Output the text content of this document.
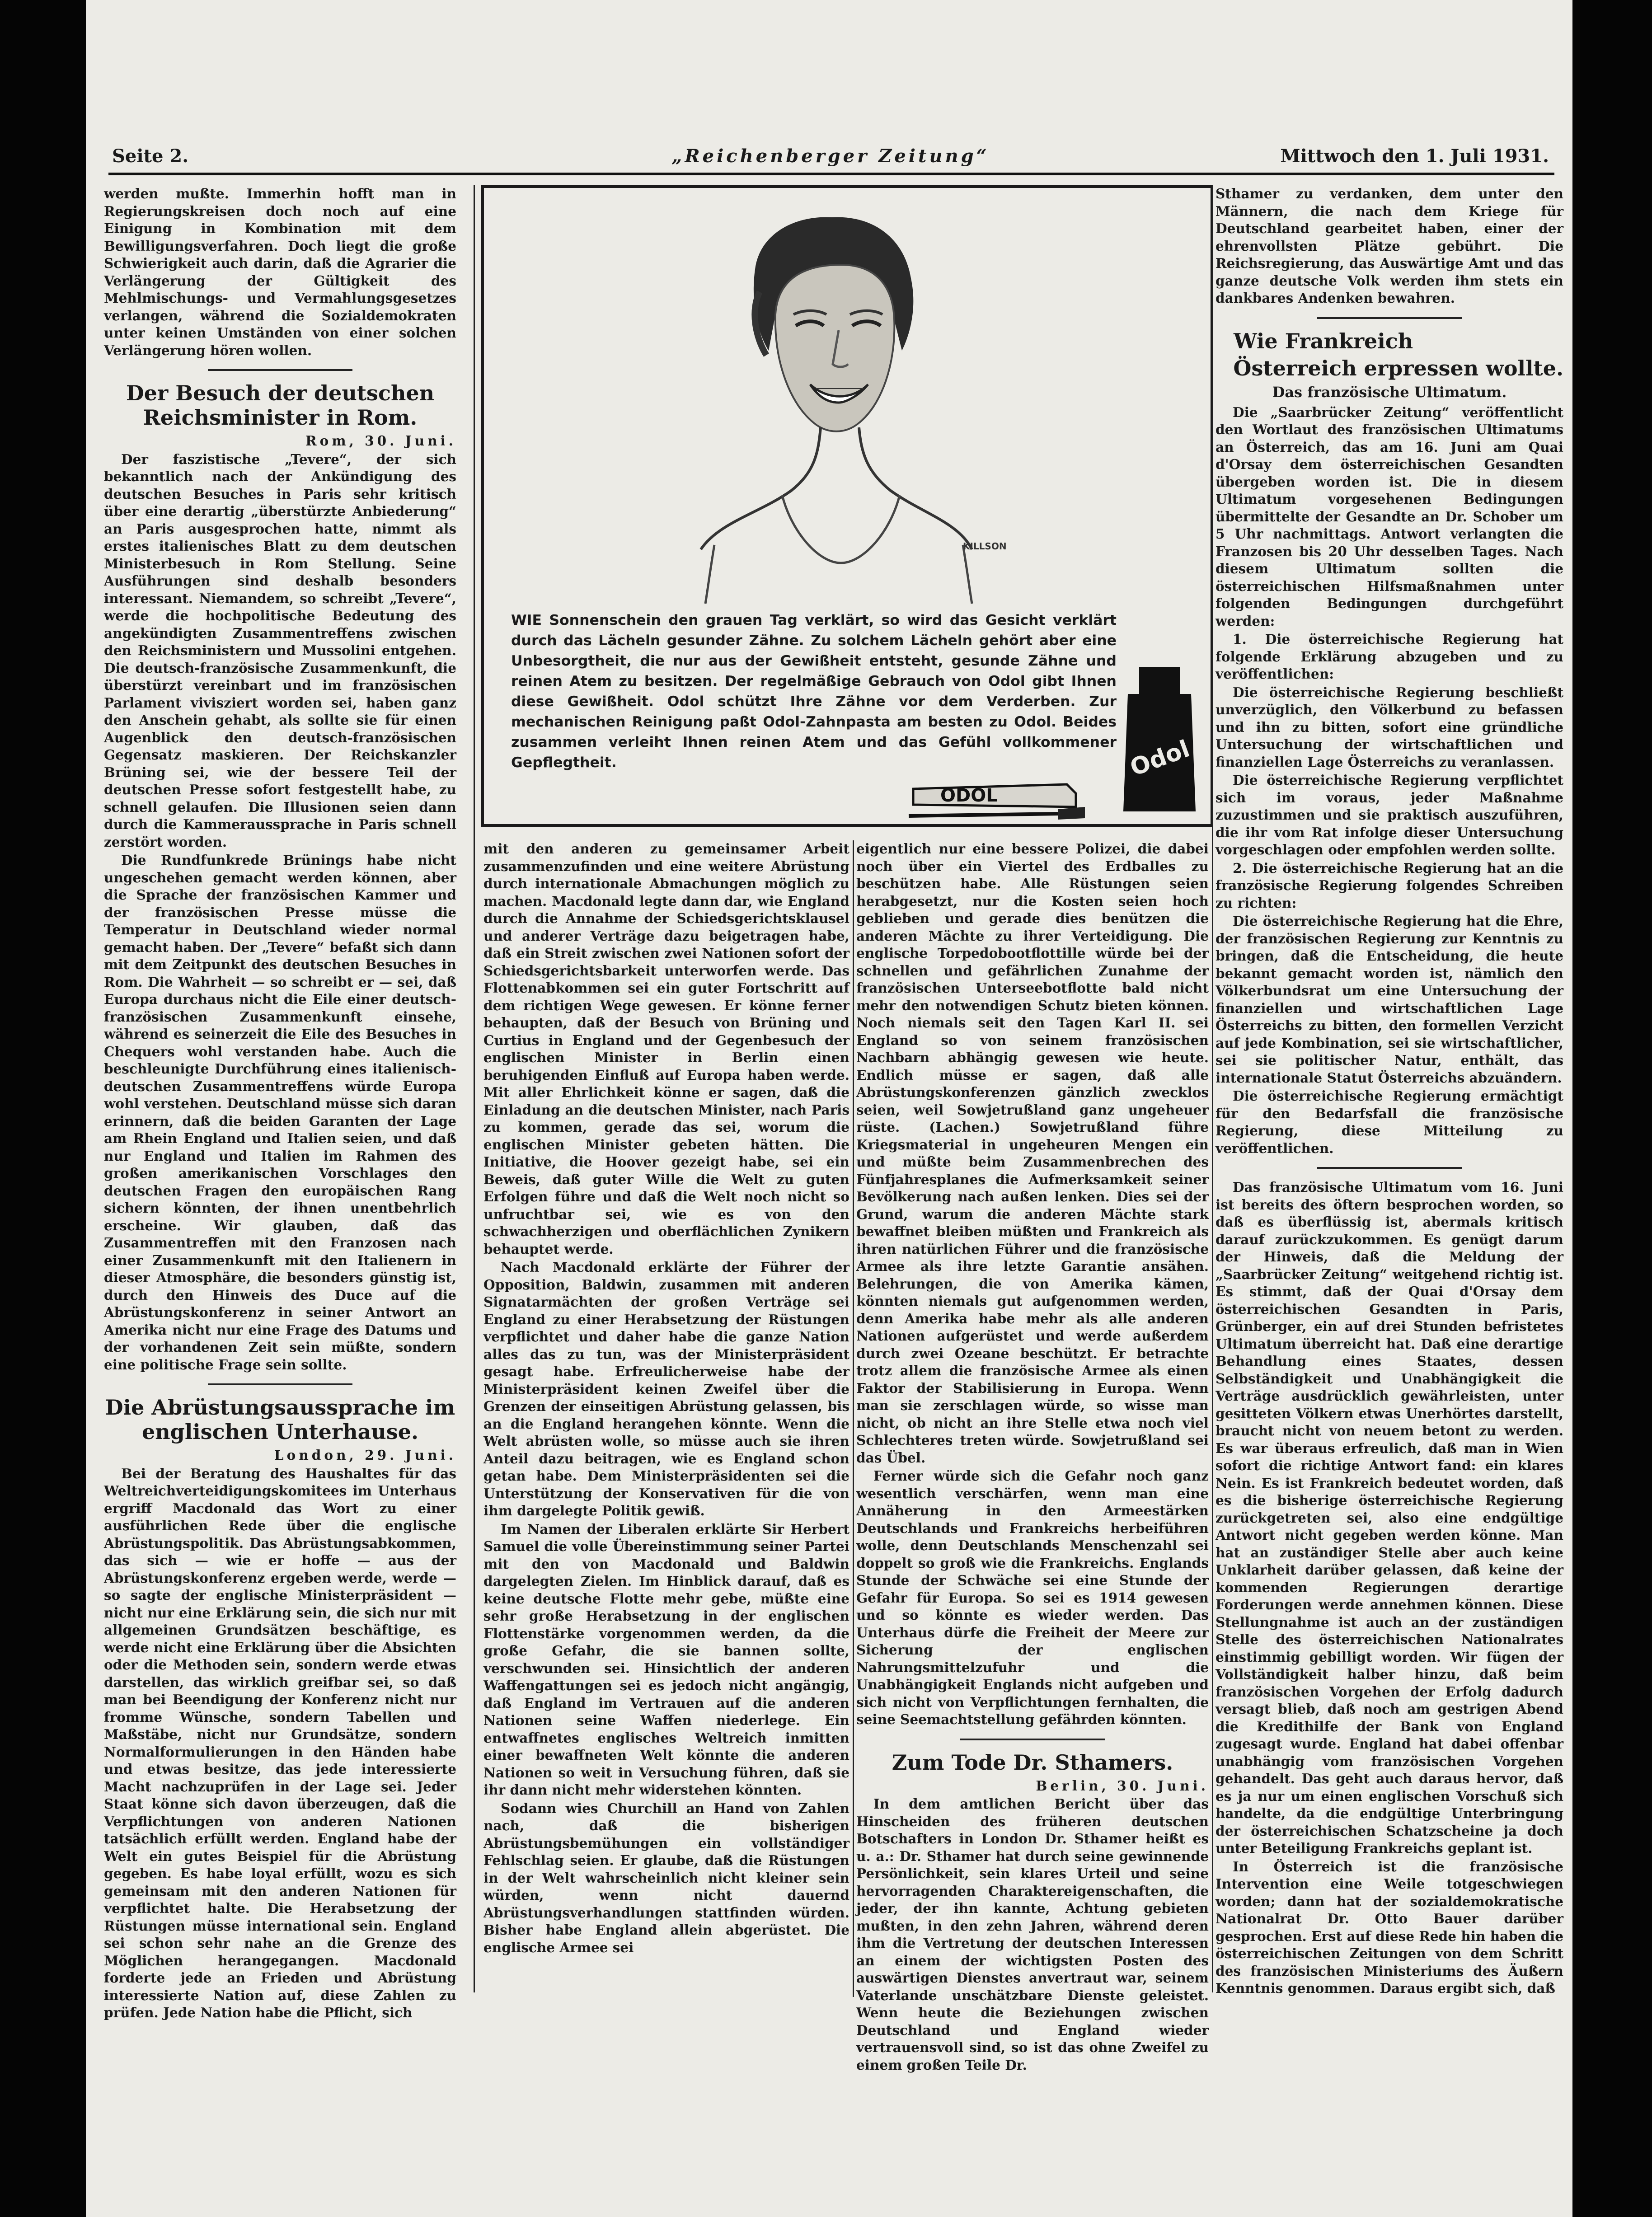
Seite 2.	„Reichenberger Zeitung“	Mittwoch den 1. Juli 1931.

werden mußte. Immerhin hofft man in Regierungskreisen doch noch auf eine Einigung in Kombination mit dem Bewilligungsverfahren. Doch liegt die große Schwierigkeit auch darin, daß die Agrarier die Verlängerung der Gültigkeit des Mehlmischungs- und Vermahlungsgesetzes verlangen, während die Sozialdemokraten unter keinen Umständen von einer solchen Verlängerung hören wollen.

Der Besuch der deutschen Reichsminister in Rom.
Rom, 30. Juni.

Der faszistische „Tevere“, der sich bekanntlich nach der Ankündigung des deutschen Besuches in Paris sehr kritisch über eine derartig „überstürzte Anbiederung“ an Paris ausgesprochen hatte, nimmt als erstes italienisches Blatt zu dem deutschen Ministerbesuch in Rom Stellung. Seine Ausführungen sind deshalb besonders interessant. Niemandem, so schreibt „Tevere“, werde die hochpolitische Bedeutung des angekündigten Zusammentreffens zwischen den Reichsministern und Mussolini entgehen. Die deutsch-französische Zusammenkunft, die überstürzt vereinbart und im französischen Parlament vivisziert worden sei, haben ganz den Anschein gehabt, als sollte sie für einen Augenblick den deutsch-französischen Gegensatz maskieren. Der Reichskanzler Brüning sei, wie der bessere Teil der deutschen Presse sofort festgestellt habe, zu schnell gelaufen. Die Illusionen seien dann durch die Kammeraussprache in Paris schnell zerstört worden.

Die Rundfunkrede Brünings habe nicht ungeschehen gemacht werden können, aber die Sprache der französischen Kammer und der französischen Presse müsse die Temperatur in Deutschland wieder normal gemacht haben. Der „Tevere“ befaßt sich dann mit dem Zeitpunkt des deutschen Besuches in Rom. Die Wahrheit — so schreibt er — sei, daß Europa durchaus nicht die Eile einer deutsch-französischen Zusammenkunft einsehe, während es seinerzeit die Eile des Besuches in Chequers wohl verstanden habe. Auch die beschleunigte Durchführung eines italienisch-deutschen Zusammentreffens würde Europa wohl verstehen. Deutschland müsse sich daran erinnern, daß die beiden Garanten der Lage am Rhein England und Italien seien, und daß nur England und Italien im Rahmen des großen amerikanischen Vorschlages den deutschen Fragen den europäischen Rang sichern könnten, der ihnen unentbehrlich erscheine. Wir glauben, daß das Zusammentreffen mit den Franzosen nach einer Zusammenkunft mit den Italienern in dieser Atmosphäre, die besonders günstig ist, durch den Hinweis des Duce auf die Abrüstungskonferenz in seiner Antwort an Amerika nicht nur eine Frage des Datums und der vorhandenen Zeit sein müßte, sondern eine politische Frage sein sollte.

Die Abrüstungsaussprache im englischen Unterhause.
London, 29. Juni.

Bei der Beratung des Haushaltes für das Weltreichverteidigungskomitees im Unterhaus ergriff Macdonald das Wort zu einer ausführlichen Rede über die englische Abrüstungspolitik. Das Abrüstungsabkommen, das sich — wie er hoffe — aus der Abrüstungskonferenz ergeben werde, werde — so sagte der englische Ministerpräsident — nicht nur eine Erklärung sein, die sich nur mit allgemeinen Grundsätzen beschäftige, es werde nicht eine Erklärung über die Absichten oder die Methoden sein, sondern werde etwas darstellen, das wirklich greifbar sei, so daß man bei Beendigung der Konferenz nicht nur fromme Wünsche, sondern Tabellen und Maßstäbe, nicht nur Grundsätze, sondern Normalformulierungen in den Händen habe und etwas besitze, das jede interessierte Macht nachzuprüfen in der Lage sei. Jeder Staat könne sich davon überzeugen, daß die Verpflichtungen von anderen Nationen tatsächlich erfüllt werden. England habe der Welt ein gutes Beispiel für die Abrüstung gegeben. Es habe loyal erfüllt, wozu es sich gemeinsam mit den anderen Nationen für verpflichtet halte. Die Herabsetzung der Rüstungen müsse international sein. England sei schon sehr nahe an die Grenze des Möglichen herangegangen. Macdonald forderte jede an Frieden und Abrüstung interessierte Nation auf, diese Zahlen zu prüfen. Jede Nation habe die Pflicht, sich

KILLSON

WIE Sonnenschein den grauen Tag verklärt, so wird das Gesicht verklärt durch das Lächeln gesunder Zähne. Zu solchem Lächeln gehört aber eine Unbesorgtheit, die nur aus der Gewißheit entsteht, gesunde Zähne und reinen Atem zu besitzen. Der regelmäßige Gebrauch von Odol gibt Ihnen diese Gewißheit. Odol schützt Ihre Zähne vor dem Verderben. Zur mechanischen Reinigung paßt Odol-Zahnpasta am besten zu Odol. Beides zusammen verleiht Ihnen reinen Atem und das Gefühl vollkommener Gepflegtheit.

ODOL
Odol

mit den anderen zu gemeinsamer Arbeit zusammenzufinden und eine weitere Abrüstung durch internationale Abmachungen möglich zu machen. Macdonald legte dann dar, wie England durch die Annahme der Schiedsgerichtsklausel und anderer Verträge dazu beigetragen habe, daß ein Streit zwischen zwei Nationen sofort der Schiedsgerichtsbarkeit unterworfen werde. Das Flottenabkommen sei ein guter Fortschritt auf dem richtigen Wege gewesen. Er könne ferner behaupten, daß der Besuch von Brüning und Curtius in England und der Gegenbesuch der englischen Minister in Berlin einen beruhigenden Einfluß auf Europa haben werde. Mit aller Ehrlichkeit könne er sagen, daß die Einladung an die deutschen Minister, nach Paris zu kommen, gerade das sei, worum die englischen Minister gebeten hätten. Die Initiative, die Hoover gezeigt habe, sei ein Beweis, daß guter Wille die Welt zu guten Erfolgen führe und daß die Welt noch nicht so unfruchtbar sei, wie es von den schwachherzigen und oberflächlichen Zynikern behauptet werde.

Nach Macdonald erklärte der Führer der Opposition, Baldwin, zusammen mit anderen Signatarmächten der großen Verträge sei England zu einer Herabsetzung der Rüstungen verpflichtet und daher habe die ganze Nation alles das zu tun, was der Ministerpräsident gesagt habe. Erfreulicherweise habe der Ministerpräsident keinen Zweifel über die Grenzen der einseitigen Abrüstung gelassen, bis an die England herangehen könnte. Wenn die Welt abrüsten wolle, so müsse auch sie ihren Anteil dazu beitragen, wie es England schon getan habe. Dem Ministerpräsidenten sei die Unterstützung der Konservativen für die von ihm dargelegte Politik gewiß.

Im Namen der Liberalen erklärte Sir Herbert Samuel die volle Übereinstimmung seiner Partei mit den von Macdonald und Baldwin dargelegten Zielen. Im Hinblick darauf, daß es keine deutsche Flotte mehr gebe, müßte eine sehr große Herabsetzung in der englischen Flottenstärke vorgenommen werden, da die große Gefahr, die sie bannen sollte, verschwunden sei. Hinsichtlich der anderen Waffengattungen sei es jedoch nicht angängig, daß England im Vertrauen auf die anderen Nationen seine Waffen niederlege. Ein entwaffnetes englisches Weltreich inmitten einer bewaffneten Welt könnte die anderen Nationen so weit in Versuchung führen, daß sie ihr dann nicht mehr widerstehen könnten.

Sodann wies Churchill an Hand von Zahlen nach, daß die bisherigen Abrüstungsbemühungen ein vollständiger Fehlschlag seien. Er glaube, daß die Rüstungen in der Welt wahrscheinlich nicht kleiner sein würden, wenn nicht dauernd Abrüstungsverhandlungen stattfinden würden. Bisher habe England allein abgerüstet. Die englische Armee sei

eigentlich nur eine bessere Polizei, die dabei noch über ein Viertel des Erdballes zu beschützen habe. Alle Rüstungen seien herabgesetzt, nur die Kosten seien hoch geblieben und gerade dies benützen die anderen Mächte zu ihrer Verteidigung. Die englische Torpedobootflottille würde bei der schnellen und gefährlichen Zunahme der französischen Unterseebotflotte bald nicht mehr den notwendigen Schutz bieten können. Noch niemals seit den Tagen Karl II. sei England so von seinem französischen Nachbarn abhängig gewesen wie heute. Endlich müsse er sagen, daß alle Abrüstungskonferenzen gänzlich zwecklos seien, weil Sowjetrußland ganz ungeheuer rüste. (Lachen.) Sowjetrußland führe Kriegsmaterial in ungeheuren Mengen ein und müßte beim Zusammenbrechen des Fünfjahresplanes die Aufmerksamkeit seiner Bevölkerung nach außen lenken. Dies sei der Grund, warum die anderen Mächte stark bewaffnet bleiben müßten und Frankreich als ihren natürlichen Führer und die französische Armee als ihre letzte Garantie ansähen. Belehrungen, die von Amerika kämen, könnten niemals gut aufgenommen werden, denn Amerika habe mehr als alle anderen Nationen aufgerüstet und werde außerdem durch zwei Ozeane beschützt. Er betrachte trotz allem die französische Armee als einen Faktor der Stabilisierung in Europa. Wenn man sie zerschlagen würde, so wisse man nicht, ob nicht an ihre Stelle etwa noch viel Schlechteres treten würde. Sowjetrußland sei das Übel.

Ferner würde sich die Gefahr noch ganz wesentlich verschärfen, wenn man eine Annäherung in den Armeestärken Deutschlands und Frankreichs herbeiführen wolle, denn Deutschlands Menschenzahl sei doppelt so groß wie die Frankreichs. Englands Stunde der Schwäche sei eine Stunde der Gefahr für Europa. So sei es 1914 gewesen und so könnte es wieder werden. Das Unterhaus dürfe die Freiheit der Meere zur Sicherung der englischen Nahrungsmittelzufuhr und die Unabhängigkeit Englands nicht aufgeben und sich nicht von Verpflichtungen fernhalten, die seine Seemachtstellung gefährden könnten.

Zum Tode Dr. Sthamers.
Berlin, 30. Juni.

In dem amtlichen Bericht über das Hinscheiden des früheren deutschen Botschafters in London Dr. Sthamer heißt es u. a.: Dr. Sthamer hat durch seine gewinnende Persönlichkeit, sein klares Urteil und seine hervorragenden Charaktereigenschaften, die jeder, der ihn kannte, Achtung gebieten mußten, in den zehn Jahren, während deren ihm die Vertretung der deutschen Interessen an einem der wichtigsten Posten des auswärtigen Dienstes anvertraut war, seinem Vaterlande unschätzbare Dienste geleistet. Wenn heute die Beziehungen zwischen Deutschland und England wieder vertrauensvoll sind, so ist das ohne Zweifel zu einem großen Teile Dr.

Sthamer zu verdanken, dem unter den Männern, die nach dem Kriege für Deutschland gearbeitet haben, einer der ehrenvollsten Plätze gebührt. Die Reichsregierung, das Auswärtige Amt und das ganze deutsche Volk werden ihm stets ein dankbares Andenken bewahren.

Wie Frankreich
Österreich erpressen wollte.
Das französische Ultimatum.

Die „Saarbrücker Zeitung“ veröffentlicht den Wortlaut des französischen Ultimatums an Österreich, das am 16. Juni am Quai d'Orsay dem österreichischen Gesandten übergeben worden ist. Die in diesem Ultimatum vorgesehenen Bedingungen übermittelte der Gesandte an Dr. Schober um 5 Uhr nachmittags. Antwort verlangten die Franzosen bis 20 Uhr desselben Tages. Nach diesem Ultimatum sollten die österreichischen Hilfsmaßnahmen unter folgenden Bedingungen durchgeführt werden:

1. Die österreichische Regierung hat folgende Erklärung abzugeben und zu veröffentlichen:

Die österreichische Regierung beschließt unverzüglich, den Völkerbund zu befassen und ihn zu bitten, sofort eine gründliche Untersuchung der wirtschaftlichen und finanziellen Lage Österreichs zu veranlassen.

Die österreichische Regierung verpflichtet sich im voraus, jeder Maßnahme zuzustimmen und sie praktisch auszuführen, die ihr vom Rat infolge dieser Untersuchung vorgeschlagen oder empfohlen werden sollte.

2. Die österreichische Regierung hat an die französische Regierung folgendes Schreiben zu richten:

Die österreichische Regierung hat die Ehre, der französischen Regierung zur Kenntnis zu bringen, daß die Entscheidung, die heute bekannt gemacht worden ist, nämlich den Völkerbundsrat um eine Untersuchung der finanziellen und wirtschaftlichen Lage Österreichs zu bitten, den formellen Verzicht auf jede Kombination, sei sie wirtschaftlicher, sei sie politischer Natur, enthält, das internationale Statut Österreichs abzuändern.

Die österreichische Regierung ermächtigt für den Bedarfsfall die französische Regierung, diese Mitteilung zu veröffentlichen.

Das französische Ultimatum vom 16. Juni ist bereits des öftern besprochen worden, so daß es überflüssig ist, abermals kritisch darauf zurückzukommen. Es genügt darum der Hinweis, daß die Meldung der „Saarbrücker Zeitung“ weitgehend richtig ist. Es stimmt, daß der Quai d'Orsay dem österreichischen Gesandten in Paris, Grünberger, ein auf drei Stunden befristetes Ultimatum überreicht hat. Daß eine derartige Behandlung eines Staates, dessen Selbständigkeit und Unabhängigkeit die Verträge ausdrücklich gewährleisten, unter gesitteten Völkern etwas Unerhörtes darstellt, braucht nicht von neuem betont zu werden. Es war überaus erfreulich, daß man in Wien sofort die richtige Antwort fand: ein klares Nein. Es ist Frankreich bedeutet worden, daß es die bisherige österreichische Regierung zurückgetreten sei, also eine endgültige Antwort nicht gegeben werden könne. Man hat an zuständiger Stelle aber auch keine Unklarheit darüber gelassen, daß keine der kommenden Regierungen derartige Forderungen werde annehmen können. Diese Stellungnahme ist auch an der zuständigen Stelle des österreichischen Nationalrates einstimmig gebilligt worden. Wir fügen der Vollständigkeit halber hinzu, daß beim französischen Vorgehen der Erfolg dadurch versagt blieb, daß noch am gestrigen Abend die Kredithilfe der Bank von England zugesagt wurde. England hat dabei offenbar unabhängig vom französischen Vorgehen gehandelt. Das geht auch daraus hervor, daß es ja nur um einen englischen Vorschuß sich handelte, da die endgültige Unterbringung der österreichischen Schatzscheine ja doch unter Beteiligung Frankreichs geplant ist.

In Österreich ist die französische Intervention eine Weile totgeschwiegen worden; dann hat der sozialdemokratische Nationalrat Dr. Otto Bauer darüber gesprochen. Erst auf diese Rede hin haben die österreichischen Zeitungen von dem Schritt des französischen Ministeriums des Äußern Kenntnis genommen. Daraus ergibt sich, daß
